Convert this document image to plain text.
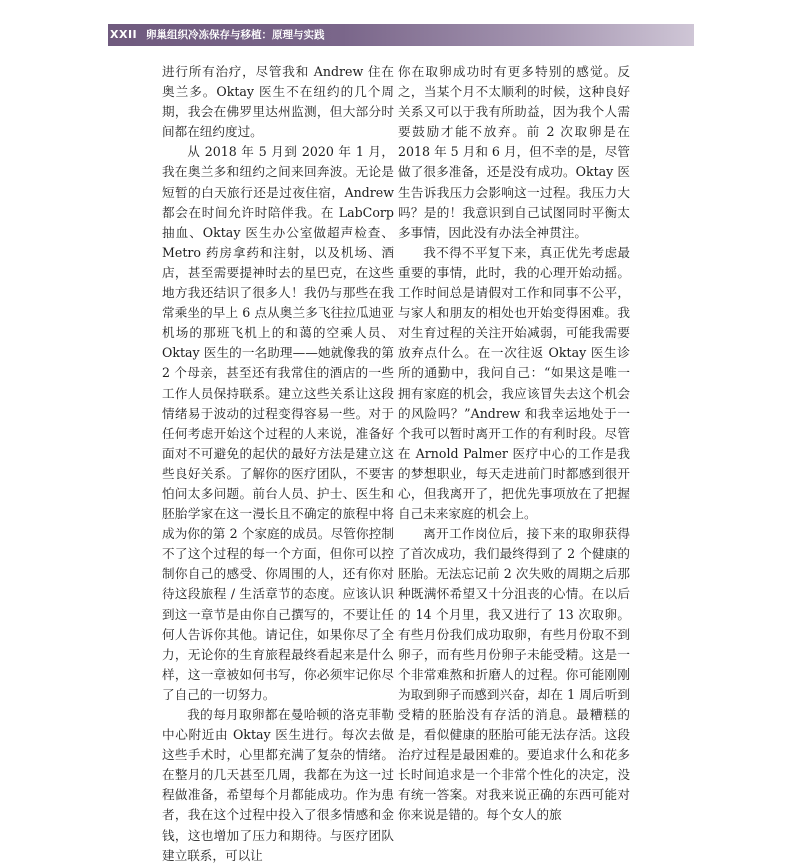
XXII 卵巢组织冷冻保存与移植：原理与实践

进行所有治疗，尽管我和 Andrew 住在奥兰多。Oktay 医生不在纽约的几个周期，我会在佛罗里达州监测，但大部分时间都在纽约度过。

从 2018 年 5 月到 2020 年 1 月，我在奥兰多和纽约之间来回奔波。无论是短暂的白天旅行还是过夜住宿，Andrew 都会在时间允许时陪伴我。在 LabCorp 抽血、Oktay 医生办公室做超声检查、Metro 药房拿药和注射，以及机场、酒店，甚至需要提神时去的星巴克，在这些地方我还结识了很多人！我仍与那些在我常乘坐的早上 6 点从奥兰多飞往拉瓜迪亚机场的那班飞机上的和蔼的空乘人员、Oktay 医生的一名助理——她就像我的第 2 个母亲，甚至还有我常住的酒店的一些工作人员保持联系。建立这些关系让这段情绪易于波动的过程变得容易一些。对于任何考虑开始这个过程的人来说，准备好面对不可避免的起伏的最好方法是建立这些良好关系。了解你的医疗团队，不要害怕问太多问题。前台人员、护士、医生和胚胎学家在这一漫长且不确定的旅程中将成为你的第 2 个家庭的成员。尽管你控制不了这个过程的每一个方面，但你可以控制你自己的感受、你周围的人，还有你对待这段旅程 / 生活章节的态度。应该认识到这一章节是由你自己撰写的，不要让任何人告诉你其他。请记住，如果你尽了全力，无论你的生育旅程最终看起来是什么样，这一章被如何书写，你必须牢记你尽了自己的一切努力。

我的每月取卵都在曼哈顿的洛克菲勒中心附近由 Oktay 医生进行。每次去做这些手术时，心里都充满了复杂的情绪。在整月的几天甚至几周，我都在为这一过程做准备，希望每个月都能成功。作为患者，我在这个过程中投入了很多情感和金钱，这也增加了压力和期待。与医疗团队建立联系，可以让

你在取卵成功时有更多特别的感觉。反之，当某个月不太顺利的时候，这种良好关系又可以于我有所助益，因为我个人需要鼓励才能不放弃。前 2 次取卵是在 2018 年 5 月和 6 月，但不幸的是，尽管做了很多准备，还是没有成功。Oktay 医生告诉我压力会影响这一过程。我压力大吗？是的！我意识到自己试图同时平衡太多事情，因此没有办法全神贯注。

我不得不平复下来，真正优先考虑最重要的事情，此时，我的心理开始动摇。工作时间总是请假对工作和同事不公平，与家人和朋友的相处也开始变得困难。我对生育过程的关注开始减弱，可能我需要放弃点什么。在一次往返 Oktay 医生诊所的通勤中，我问自己：“如果这是唯一拥有家庭的机会，我应该冒失去这个机会的风险吗？”Andrew 和我幸运地处于一个我可以暂时离开工作的有利时段。尽管在 Arnold Palmer 医疗中心的工作是我的梦想职业，每天走进前门时都感到很开心，但我离开了，把优先事项放在了把握自己未来家庭的机会上。

离开工作岗位后，接下来的取卵获得了首次成功，我们最终得到了 2 个健康的胚胎。无法忘记前 2 次失败的周期之后那种既满怀希望又十分沮丧的心情。在以后的 14 个月里，我又进行了 13 次取卵。有些月份我们成功取卵，有些月份取不到卵子，而有些月份卵子未能受精。这是一个非常难熬和折磨人的过程。你可能刚刚为取到卵子而感到兴奋，却在 1 周后听到受精的胚胎没有存活的消息。最糟糕的是，看似健康的胚胎可能无法存活。这段治疗过程是最困难的。要追求什么和花多长时间追求是一个非常个性化的决定，没有统一答案。对我来说正确的东西可能对你来说是错的。每个女人的旅
